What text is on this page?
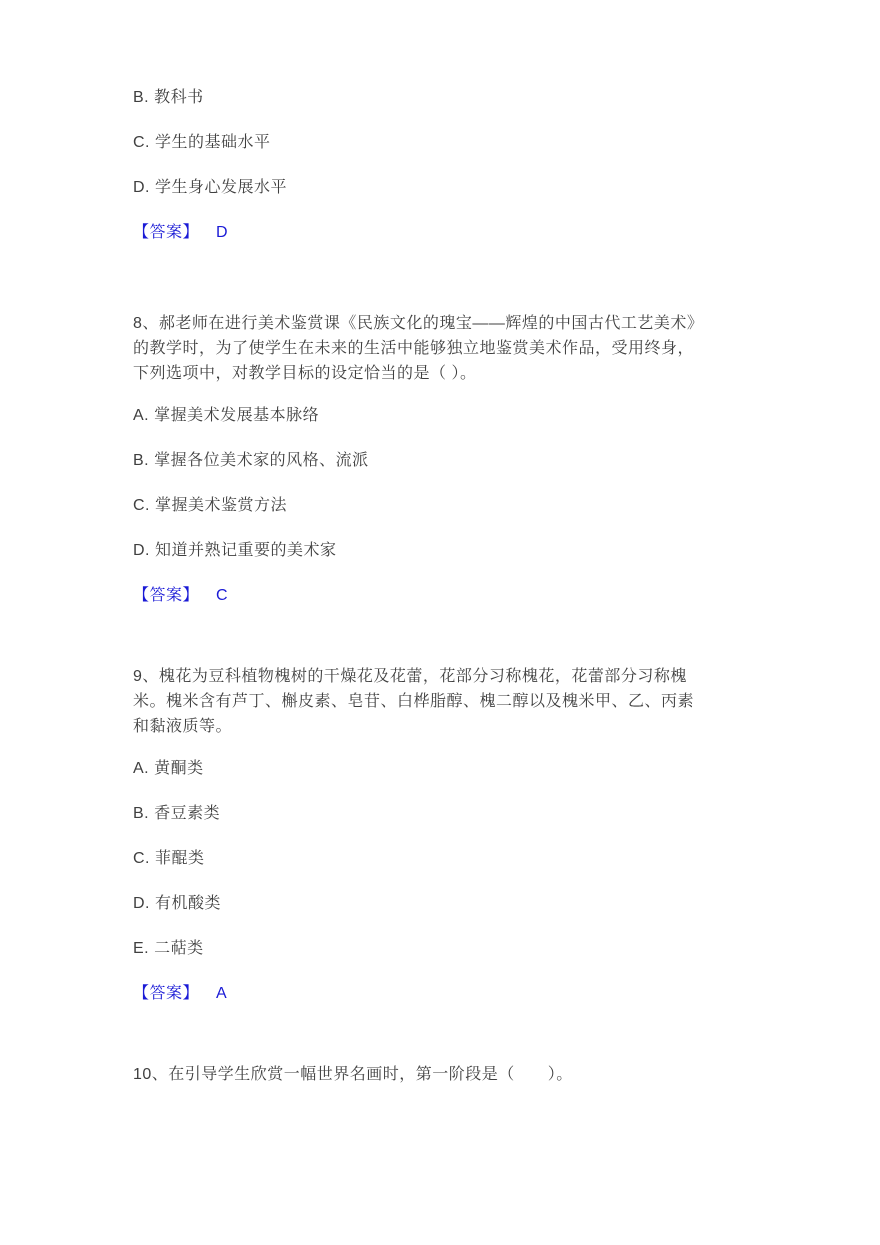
B. 教科书
C. 学生的基础水平
D. 学生身心发展水平
【答案】 D
8、郝老师在进行美术鉴赏课《民族文化的瑰宝——辉煌的中国古代工艺美术》
的教学时，为了使学生在未来的生活中能够独立地鉴赏美术作品，受用终身，
下列选项中，对教学目标的设定恰当的是（ ）。
A. 掌握美术发展基本脉络
B. 掌握各位美术家的风格、流派
C. 掌握美术鉴赏方法
D. 知道并熟记重要的美术家
【答案】 C
9、槐花为豆科植物槐树的干燥花及花蕾，花部分习称槐花，花蕾部分习称槐
米。槐米含有芦丁、槲皮素、皂苷、白桦脂醇、槐二醇以及槐米甲、乙、丙素
和黏液质等。
A. 黄酮类
B. 香豆素类
C. 菲醌类
D. 有机酸类
E. 二萜类
【答案】 A
10、在引导学生欣赏一幅世界名画时，第一阶段是（　　）。
